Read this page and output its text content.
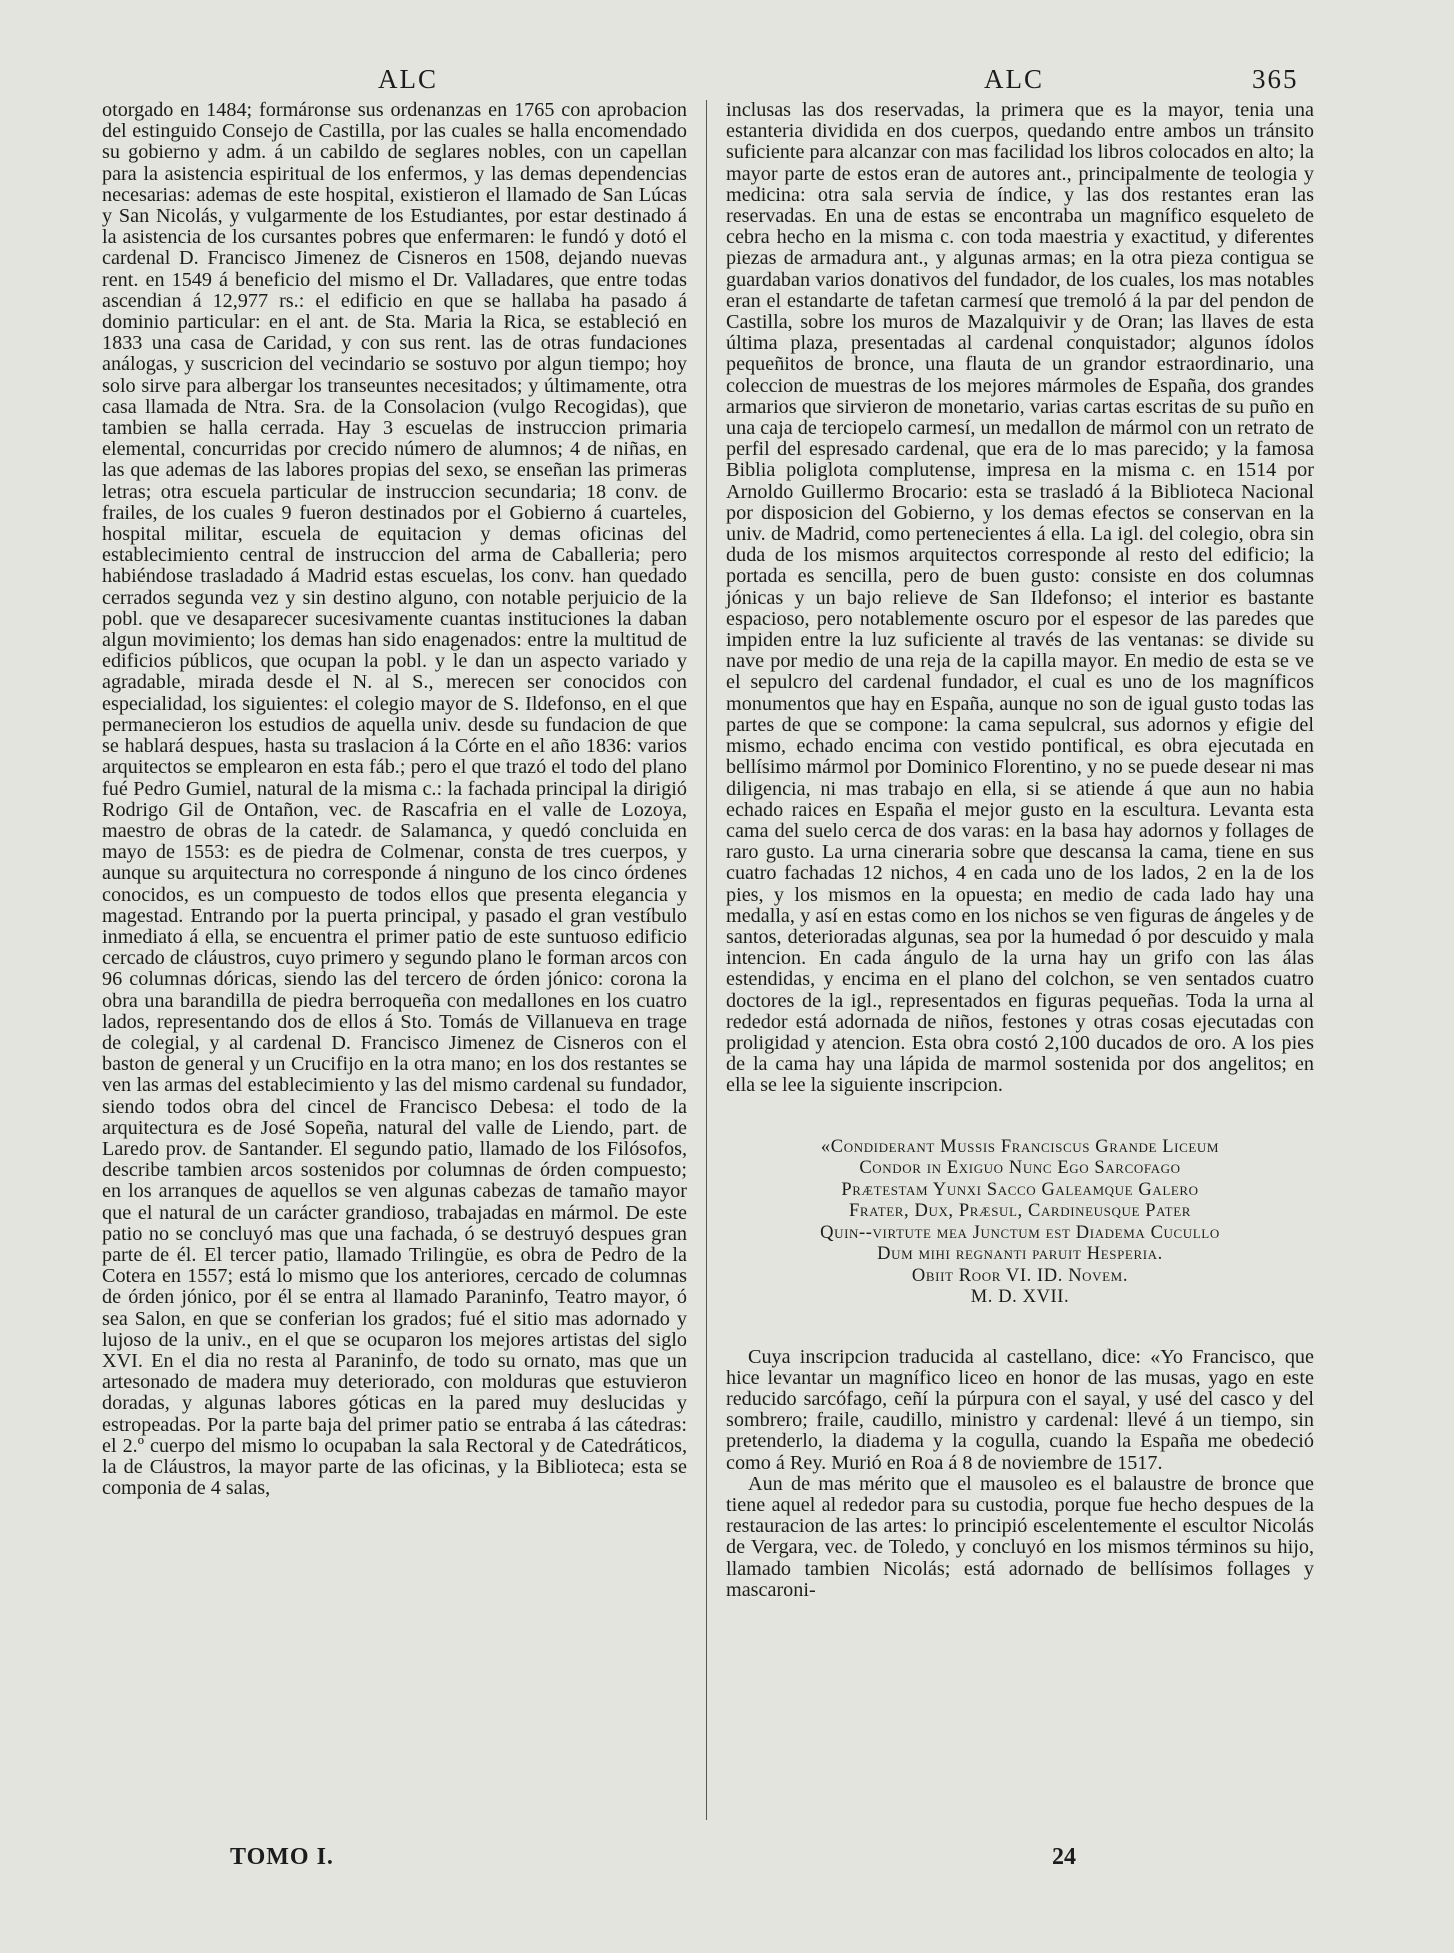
ALC	ALC	365

otorgado en 1484; formáronse sus ordenanzas en 1765 con aprobacion del estinguido Consejo de Castilla, por las cuales se halla encomendado su gobierno y adm. á un cabildo de seglares nobles, con un capellan para la asistencia espiritual de los enfermos, y las demas dependencias necesarias: ademas de este hospital, existieron el llamado de San Lúcas y San Nicolás, y vulgarmente de los Estudiantes, por estar destinado á la asistencia de los cursantes pobres que enfermaren: le fundó y dotó el cardenal D. Francisco Jimenez de Cisneros en 1508, dejando nuevas rent. en 1549 á beneficio del mismo el Dr. Valladares, que entre todas ascendian á 12,977 rs.: el edificio en que se hallaba ha pasado á dominio particular: en el ant. de Sta. Maria la Rica, se estableció en 1833 una casa de Caridad, y con sus rent. las de otras fundaciones análogas, y suscricion del vecindario se sostuvo por algun tiempo; hoy solo sirve para albergar los transeuntes necesitados; y últimamente, otra casa llamada de Ntra. Sra. de la Consolacion (vulgo Recogidas), que tambien se halla cerrada. Hay 3 escuelas de instruccion primaria elemental, concurridas por crecido número de alumnos; 4 de niñas, en las que ademas de las labores propias del sexo, se enseñan las primeras letras; otra escuela particular de instruccion secundaria; 18 conv. de frailes, de los cuales 9 fueron destinados por el Gobierno á cuarteles, hospital militar, escuela de equitacion y demas oficinas del establecimiento central de instruccion del arma de Caballeria; pero habiéndose trasladado á Madrid estas escuelas, los conv. han quedado cerrados segunda vez y sin destino alguno, con notable perjuicio de la pobl. que ve desaparecer sucesivamente cuantas instituciones la daban algun movimiento; los demas han sido enagenados: entre la multitud de edificios públicos, que ocupan la pobl. y le dan un aspecto variado y agradable, mirada desde el N. al S., merecen ser conocidos con especialidad, los siguientes: el colegio mayor de S. Ildefonso, en el que permanecieron los estudios de aquella univ. desde su fundacion de que se hablará despues, hasta su traslacion á la Córte en el año 1836: varios arquitectos se emplearon en esta fáb.; pero el que trazó el todo del plano fué Pedro Gumiel, natural de la misma c.: la fachada principal la dirigió Rodrigo Gil de Ontañon, vec. de Rascafria en el valle de Lozoya, maestro de obras de la catedr. de Salamanca, y quedó concluida en mayo de 1553: es de piedra de Colmenar, consta de tres cuerpos, y aunque su arquitectura no corresponde á ninguno de los cinco órdenes conocidos, es un compuesto de todos ellos que presenta elegancia y magestad. Entrando por la puerta principal, y pasado el gran vestíbulo inmediato á ella, se encuentra el primer patio de este suntuoso edificio cercado de cláustros, cuyo primero y segundo plano le forman arcos con 96 columnas dóricas, siendo las del tercero de órden jónico: corona la obra una barandilla de piedra berroqueña con medallones en los cuatro lados, representando dos de ellos á Sto. Tomás de Villanueva en trage de colegial, y al cardenal D. Francisco Jimenez de Cisneros con el baston de general y un Crucifijo en la otra mano; en los dos restantes se ven las armas del establecimiento y las del mismo cardenal su fundador, siendo todos obra del cincel de Francisco Debesa: el todo de la arquitectura es de José Sopeña, natural del valle de Liendo, part. de Laredo prov. de Santander. El segundo patio, llamado de los Filósofos, describe tambien arcos sostenidos por columnas de órden compuesto; en los arranques de aquellos se ven algunas cabezas de tamaño mayor que el natural de un carácter grandioso, trabajadas en mármol. De este patio no se concluyó mas que una fachada, ó se destruyó despues gran parte de él. El tercer patio, llamado Trilingüe, es obra de Pedro de la Cotera en 1557; está lo mismo que los anteriores, cercado de columnas de órden jónico, por él se entra al llamado Paraninfo, Teatro mayor, ó sea Salon, en que se conferian los grados; fué el sitio mas adornado y lujoso de la univ., en el que se ocuparon los mejores artistas del siglo XVI. En el dia no resta al Paraninfo, de todo su ornato, mas que un artesonado de madera muy deteriorado, con molduras que estuvieron doradas, y algunas labores góticas en la pared muy deslucidas y estropeadas. Por la parte baja del primer patio se entraba á las cátedras: el 2.º cuerpo del mismo lo ocupaban la sala Rectoral y de Catedráticos, la de Cláustros, la mayor parte de las oficinas, y la Biblioteca; esta se componia de 4 salas,

inclusas las dos reservadas, la primera que es la mayor, tenia una estanteria dividida en dos cuerpos, quedando entre ambos un tránsito suficiente para alcanzar con mas facilidad los libros colocados en alto; la mayor parte de estos eran de autores ant., principalmente de teologia y medicina: otra sala servia de índice, y las dos restantes eran las reservadas. En una de estas se encontraba un magnífico esqueleto de cebra hecho en la misma c. con toda maestria y exactitud, y diferentes piezas de armadura ant., y algunas armas; en la otra pieza contigua se guardaban varios donativos del fundador, de los cuales, los mas notables eran el estandarte de tafetan carmesí que tremoló á la par del pendon de Castilla, sobre los muros de Mazalquivir y de Oran; las llaves de esta última plaza, presentadas al cardenal conquistador; algunos ídolos pequeñitos de bronce, una flauta de un grandor estraordinario, una coleccion de muestras de los mejores mármoles de España, dos grandes armarios que sirvieron de monetario, varias cartas escritas de su puño en una caja de terciopelo carmesí, un medallon de mármol con un retrato de perfil del espresado cardenal, que era de lo mas parecido; y la famosa Biblia poliglota complutense, impresa en la misma c. en 1514 por Arnoldo Guillermo Brocario: esta se trasladó á la Biblioteca Nacional por disposicion del Gobierno, y los demas efectos se conservan en la univ. de Madrid, como pertenecientes á ella. La igl. del colegio, obra sin duda de los mismos arquitectos corresponde al resto del edificio; la portada es sencilla, pero de buen gusto: consiste en dos columnas jónicas y un bajo relieve de San Ildefonso; el interior es bastante espacioso, pero notablemente oscuro por el espesor de las paredes que impiden entre la luz suficiente al través de las ventanas: se divide su nave por medio de una reja de la capilla mayor. En medio de esta se ve el sepulcro del cardenal fundador, el cual es uno de los magníficos monumentos que hay en España, aunque no son de igual gusto todas las partes de que se compone: la cama sepulcral, sus adornos y efigie del mismo, echado encima con vestido pontifical, es obra ejecutada en bellísimo mármol por Dominico Florentino, y no se puede desear ni mas diligencia, ni mas trabajo en ella, si se atiende á que aun no habia echado raices en España el mejor gusto en la escultura. Levanta esta cama del suelo cerca de dos varas: en la basa hay adornos y follages de raro gusto. La urna cineraria sobre que descansa la cama, tiene en sus cuatro fachadas 12 nichos, 4 en cada uno de los lados, 2 en la de los pies, y los mismos en la opuesta; en medio de cada lado hay una medalla, y así en estas como en los nichos se ven figuras de ángeles y de santos, deterioradas algunas, sea por la humedad ó por descuido y mala intencion. En cada ángulo de la urna hay un grifo con las álas estendidas, y encima en el plano del colchon, se ven sentados cuatro doctores de la igl., representados en figuras pequeñas. Toda la urna al rededor está adornada de niños, festones y otras cosas ejecutadas con proligidad y atencion. Esta obra costó 2,100 ducados de oro. A los pies de la cama hay una lápida de marmol sostenida por dos angelitos; en ella se lee la siguiente inscripcion.

«Condiderant Mussis Franciscus Grande Liceum
Condor in Exiguo Nunc Ego Sarcofago
Prætestam Yunxi Sacco Galeamque Galero
Frater, Dux, Præsul, Cardineusque Pater
Quin--virtute mea Junctum est Diadema Cucullo
Dum mihi regnanti paruit Hesperia.
Obiit Roor VI. ID. Novem.
M. D. XVII.

Cuya inscripcion traducida al castellano, dice: «Yo Francisco, que hice levantar un magnífico liceo en honor de las musas, yago en este reducido sarcófago, ceñí la púrpura con el sayal, y usé del casco y del sombrero; fraile, caudillo, ministro y cardenal: llevé á un tiempo, sin pretenderlo, la diadema y la cogulla, cuando la España me obedeció como á Rey. Murió en Roa á 8 de noviembre de 1517.

Aun de mas mérito que el mausoleo es el balaustre de bronce que tiene aquel al rededor para su custodia, porque fue hecho despues de la restauracion de las artes: lo principió escelentemente el escultor Nicolás de Vergara, vec. de Toledo, y concluyó en los mismos términos su hijo, llamado tambien Nicolás; está adornado de bellísimos follages y mascaroni-

TOMO I.	24
